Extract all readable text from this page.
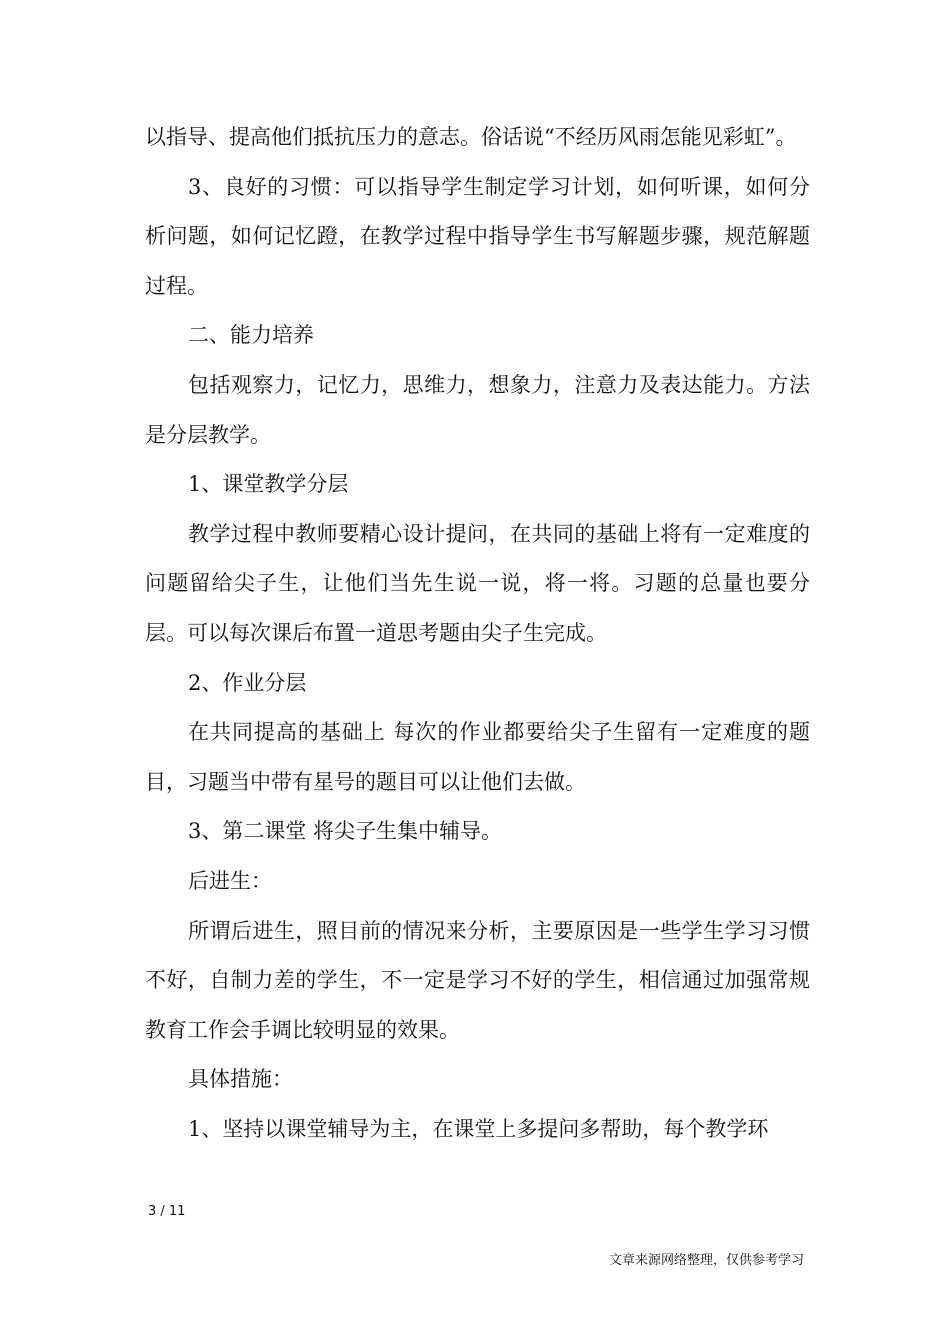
以指导、提高他们抵抗压力的意志。俗话说“不经历风雨怎能见彩虹”。

3、良好的习惯：可以指导学生制定学习计划，如何听课，如何分析问题，如何记忆蹬，在教学过程中指导学生书写解题步骤，规范解题过程。

二、能力培养

包括观察力，记忆力，思维力，想象力，注意力及表达能力。方法是分层教学。

1、课堂教学分层

教学过程中教师要精心设计提问，在共同的基础上将有一定难度的问题留给尖子生，让他们当先生说一说，将一将。习题的总量也要分层。可以每次课后布置一道思考题由尖子生完成。

2、作业分层

在共同提高的基础上 每次的作业都要给尖子生留有一定难度的题目，习题当中带有星号的题目可以让他们去做。

3、第二课堂 将尖子生集中辅导。

后进生：

所谓后进生，照目前的情况来分析，主要原因是一些学生学习习惯不好，自制力差的学生，不一定是学习不好的学生，相信通过加强常规教育工作会手调比较明显的效果。

具体措施：

1、坚持以课堂辅导为主，在课堂上多提问多帮助，每个教学环

3 / 11
文章来源网络整理，仅供参考学习
